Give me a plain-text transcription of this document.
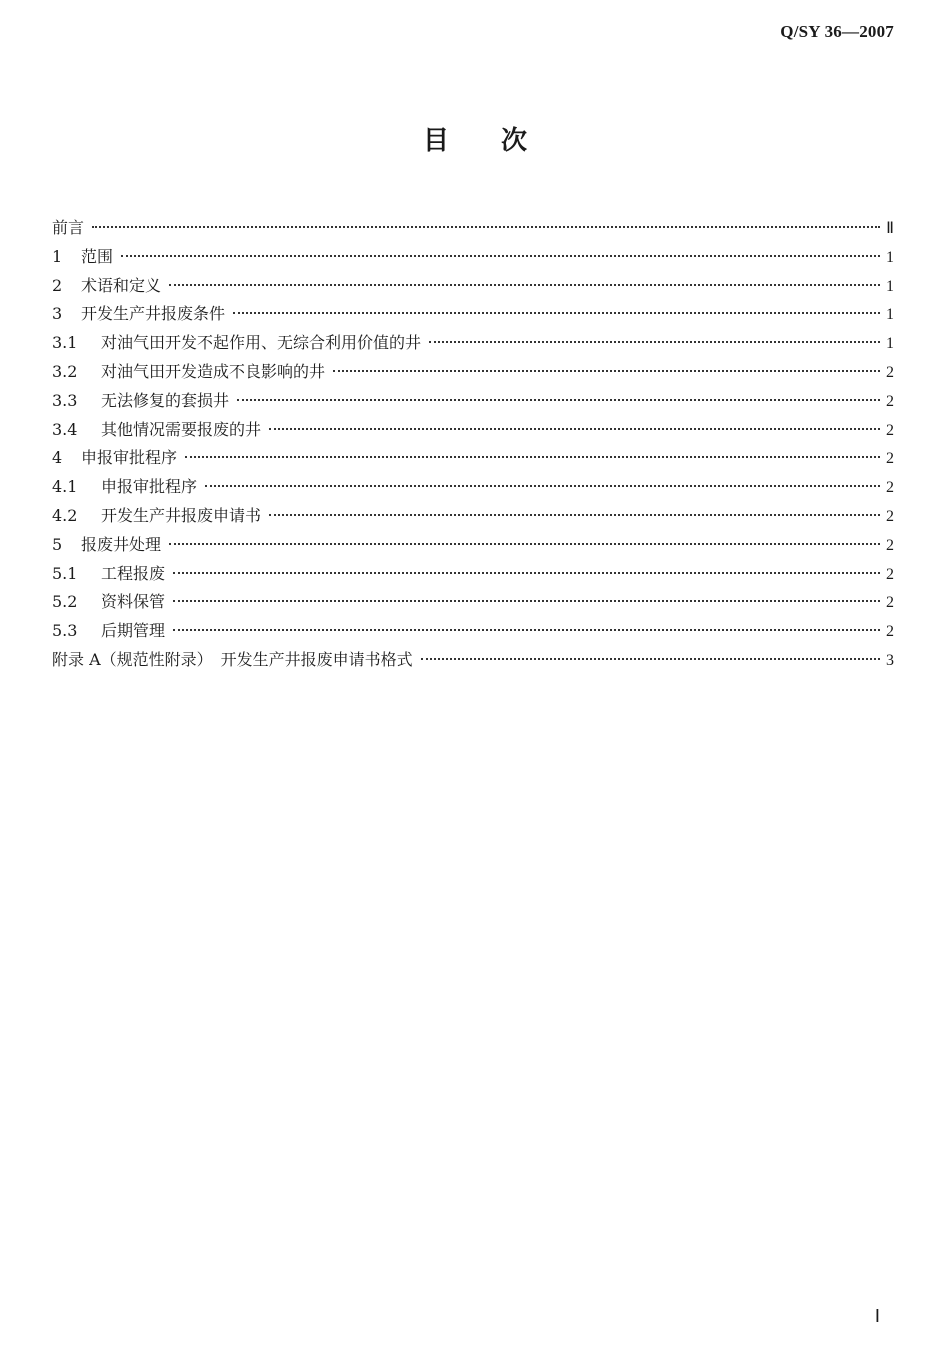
Q/SY 36—2007
目　　次
前言	Ⅱ
1	范围	1
2	术语和定义	1
3	开发生产井报废条件	1
3.1	对油气田开发不起作用、无综合利用价值的井	1
3.2	对油气田开发造成不良影响的井	2
3.3	无法修复的套损井	2
3.4	其他情况需要报废的井	2
4	申报审批程序	2
4.1	申报审批程序	2
4.2	开发生产井报废申请书	2
5	报废井处理	2
5.1	工程报废	2
5.2	资料保管	2
5.3	后期管理	2
附录 A（规范性附录）　开发生产井报废申请书格式	3
Ⅰ
